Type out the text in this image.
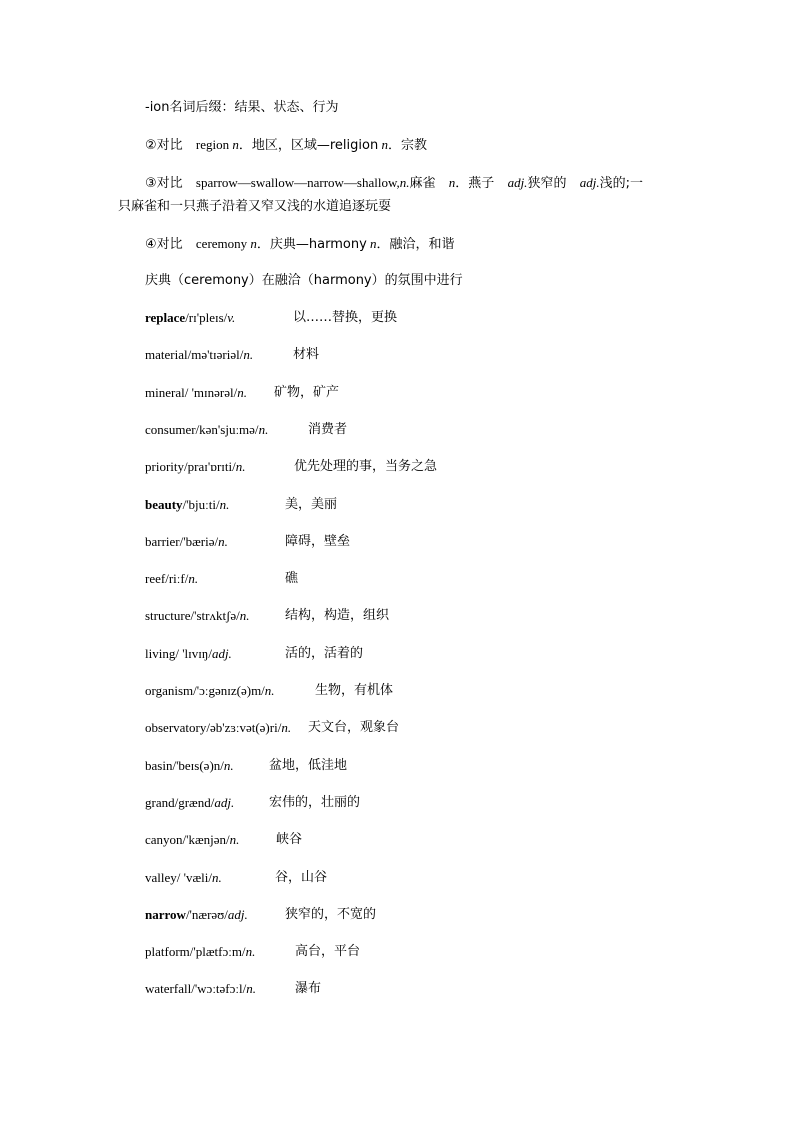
-ion名词后缀：结果、状态、行为
②对比 region n．地区，区域—religion n．宗教
③对比 sparrow—swallow—narrow—shallow,n.麻雀 n．燕子 adj.狭窄的 adj.浅的;一
只麻雀和一只燕子沿着又窄又浅的水道追逐玩耍
④对比 ceremony n．庆典—harmony n．融洽，和谐
庆典（ceremony）在融洽（harmony）的氛围中进行
replace/rɪ'pleɪs/v.	以……替换，更换
material/mə'tɪəriəl/n.	材料
mineral/ 'mɪnərəl/n. 矿物，矿产
consumer/kən'sjuːmə/n.	消费者
priority/praɪ'ɒrɪti/n.	优先处理的事，当务之急
beauty/'bjuːti/n.	美，美丽
barrier/'bæriə/n.	障碍，壁垒
reef/riːf/n.	礁
structure/'strʌktʃə/n.	结构，构造，组织
living/ 'lɪvɪŋ/adj.	活的，活着的
organism/'ɔːgənɪz(ə)m/n.	生物，有机体
observatory/əb'zɜːvət(ə)ri/n. 天文台，观象台
basin/'beɪs(ə)n/n.	盆地，低洼地
grand/grænd/adj.	宏伟的，壮丽的
canyon/'kænjən/n.	峡谷
valley/ 'væli/n.	谷，山谷
narrow/'nærəʊ/adj.	狭窄的，不宽的
platform/'plætfɔːm/n.	高台，平台
waterfall/'wɔːtəfɔːl/n.	瀑布
